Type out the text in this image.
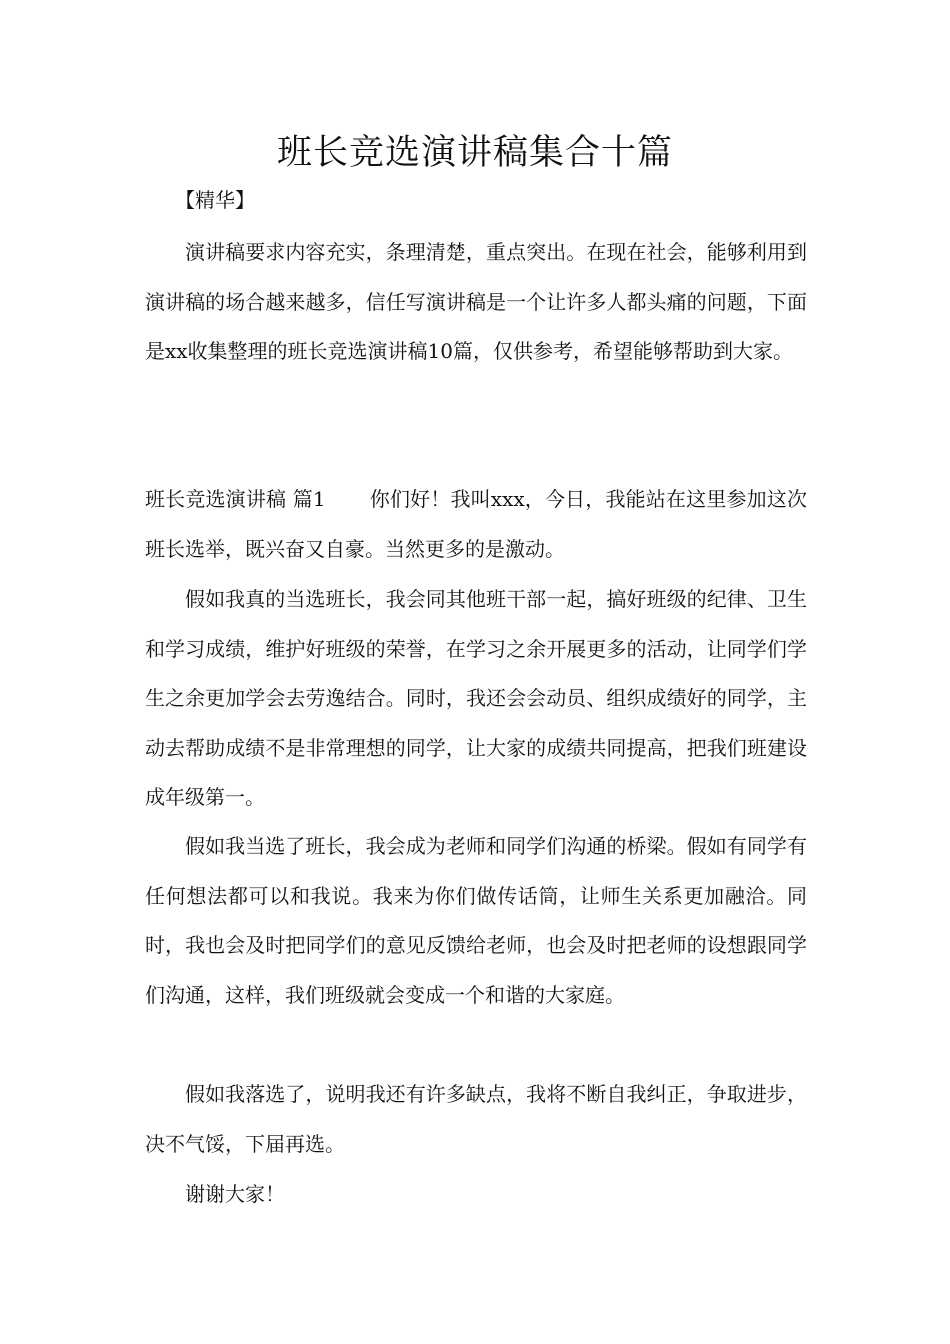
班长竞选演讲稿集合十篇
【精华】

演讲稿要求内容充实，条理清楚，重点突出。在现在社会，能够利用到演讲稿的场合越来越多，信任写演讲稿是一个让许多人都头痛的问题，下面是xx收集整理的班长竞选演讲稿10篇，仅供参考，希望能够帮助到大家。

班长竞选演讲稿 篇1 你们好！我叫xxx，今日，我能站在这里参加这次班长选举，既兴奋又自豪。当然更多的是激动。

假如我真的当选班长，我会同其他班干部一起，搞好班级的纪律、卫生和学习成绩，维护好班级的荣誉，在学习之余开展更多的活动，让同学们学生之余更加学会去劳逸结合。同时，我还会会动员、组织成绩好的同学，主动去帮助成绩不是非常理想的同学，让大家的成绩共同提高，把我们班建设成年级第一。

假如我当选了班长，我会成为老师和同学们沟通的桥梁。假如有同学有任何想法都可以和我说。我来为你们做传话筒，让师生关系更加融洽。同时，我也会及时把同学们的意见反馈给老师，也会及时把老师的设想跟同学们沟通，这样，我们班级就会变成一个和谐的大家庭。

假如我落选了，说明我还有许多缺点，我将不断自我纠正，争取进步，决不气馁，下届再选。

谢谢大家！
